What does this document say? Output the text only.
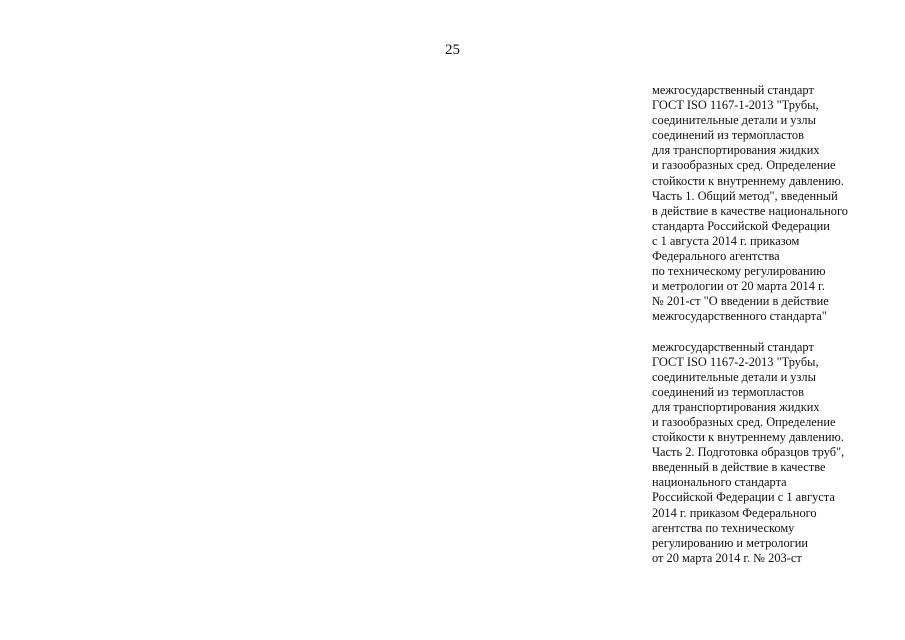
25
межгосударственный стандарт
ГОСТ ISO 1167-1-2013 "Трубы,
соединительные детали и узлы
соединений из термопластов
для транспортирования жидких
и газообразных сред. Определение
стойкости к внутреннему давлению.
Часть 1. Общий метод", введенный
в действие в качестве национального
стандарта Российской Федерации
с 1 августа 2014 г. приказом
Федерального агентства
по техническому регулированию
и метрологии от 20 марта 2014 г.
№ 201-ст "О введении в действие
межгосударственного стандарта"
межгосударственный стандарт
ГОСТ ISO 1167-2-2013 "Трубы,
соединительные детали и узлы
соединений из термопластов
для транспортирования жидких
и газообразных сред. Определение
стойкости к внутреннему давлению.
Часть 2. Подготовка образцов труб",
введенный в действие в качестве
национального стандарта
Российской Федерации с 1 августа
2014 г. приказом Федерального
агентства по техническому
регулированию и метрологии
от 20 марта 2014 г. № 203-ст
